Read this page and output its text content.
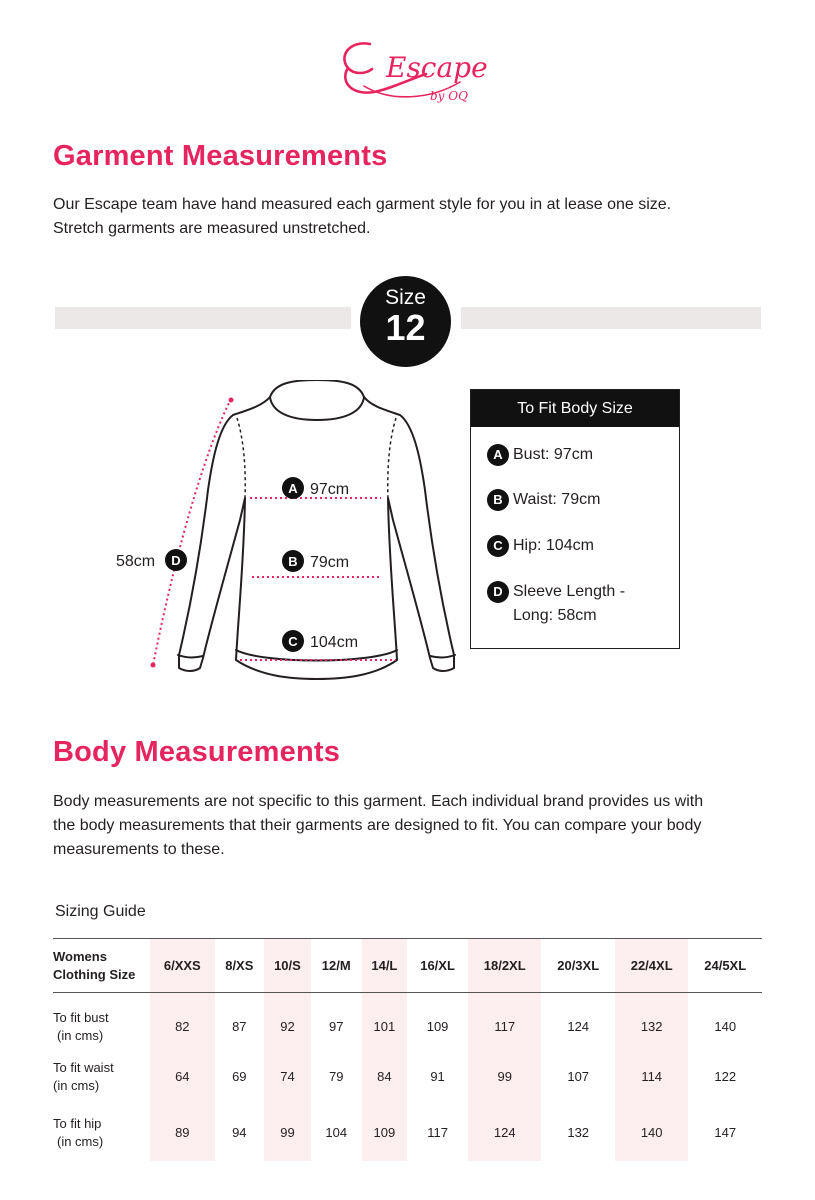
Escape
by OQ
Garment Measurements
Our Escape team have hand measured each garment style for you in at lease one size.
Stretch garments are measured unstretched.
Size
12
A 97cm
B 79cm
C 104cm
58cm D
To Fit Body Size
A Bust: 97cm
B Waist: 79cm
C Hip: 104cm
D Sleeve Length -
Long: 58cm
Body Measurements
Body measurements are not specific to this garment. Each individual brand provides us with
the body measurements that their garments are designed to fit. You can compare your body
measurements to these.
Sizing Guide
Womens
Clothing Size	6/XXS	8/XS	10/S	12/M	14/L	16/XL	18/2XL	20/3XL	22/4XL	24/5XL

To fit bust
(in cms)	82	87	92	97	101	109	117	124	132	140

To fit waist
(in cms)	64	69	74	79	84	91	99	107	114	122

To fit hip
(in cms)	89	94	99	104	109	117	124	132	140	147
